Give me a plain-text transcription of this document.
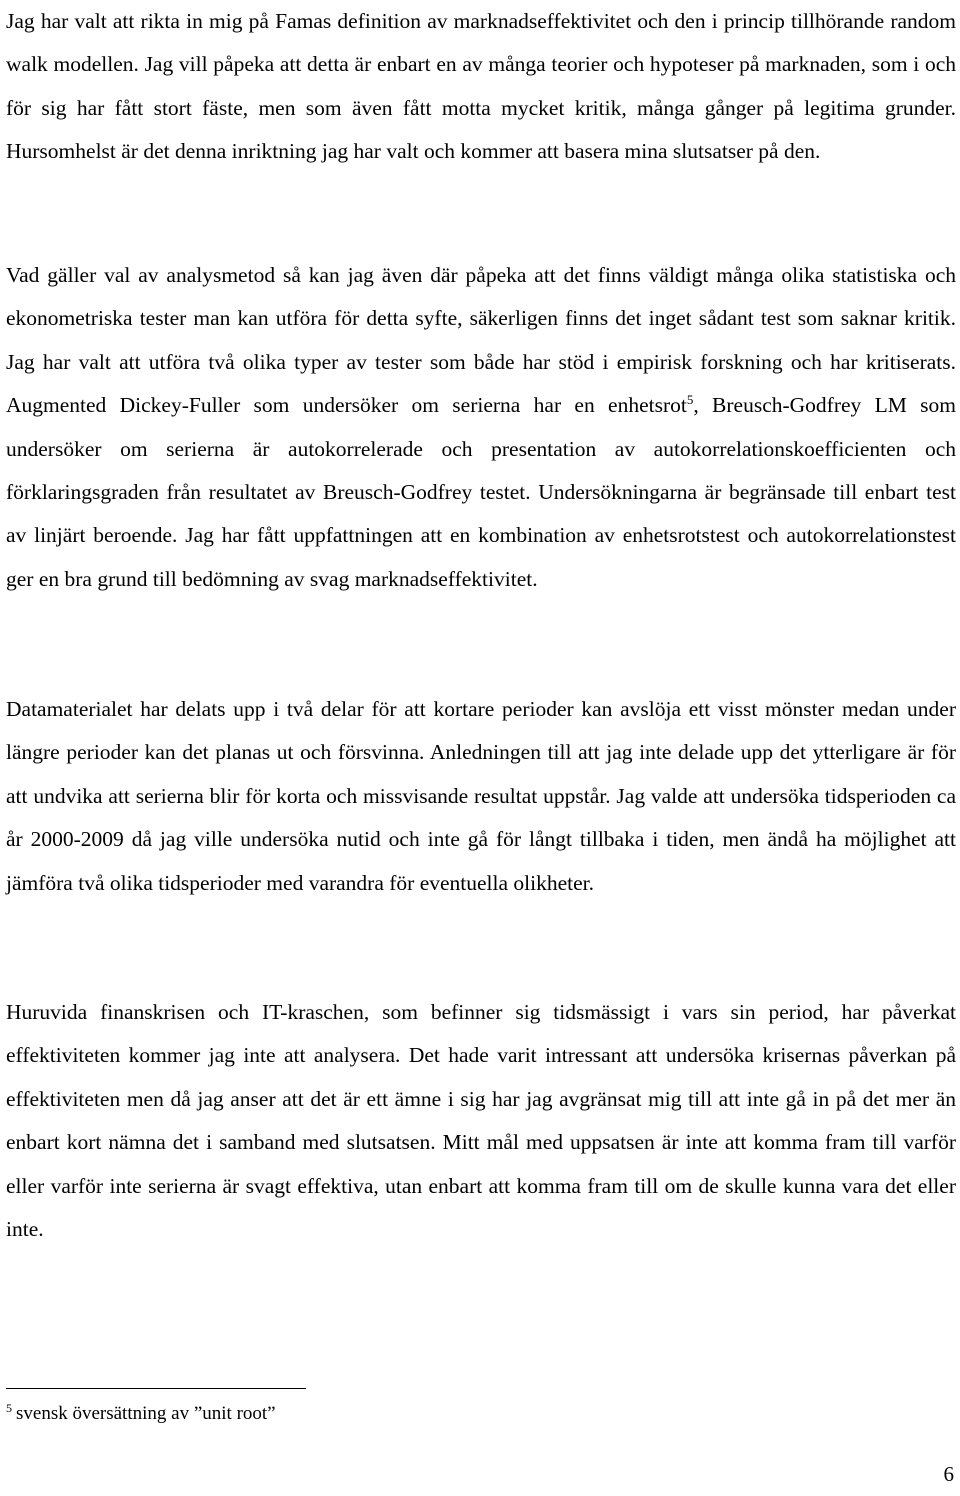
Jag har valt att rikta in mig på Famas definition av marknadseffektivitet och den i princip tillhörande random walk modellen. Jag vill påpeka att detta är enbart en av många teorier och hypoteser på marknaden, som i och för sig har fått stort fäste, men som även fått motta mycket kritik, många gånger på legitima grunder. Hursomhelst är det denna inriktning jag har valt och kommer att basera mina slutsatser på den.

Vad gäller val av analysmetod så kan jag även där påpeka att det finns väldigt många olika statistiska och ekonometriska tester man kan utföra för detta syfte, säkerligen finns det inget sådant test som saknar kritik. Jag har valt att utföra två olika typer av tester som både har stöd i empirisk forskning och har kritiserats. Augmented Dickey-Fuller som undersöker om serierna har en enhetsrot$^5$, Breusch-Godfrey LM som undersöker om serierna är autokorrelerade och presentation av autokorrelationskoefficienten och förklaringsgraden från resultatet av Breusch-Godfrey testet. Undersökningarna är begränsade till enbart test av linjärt beroende. Jag har fått uppfattningen att en kombination av enhetsrotstest och autokorrelationstest ger en bra grund till bedömning av svag marknadseffektivitet.

Datamaterialet har delats upp i två delar för att kortare perioder kan avslöja ett visst mönster medan under längre perioder kan det planas ut och försvinna. Anledningen till att jag inte delade upp det ytterligare är för att undvika att serierna blir för korta och missvisande resultat uppstår. Jag valde att undersöka tidsperioden ca år 2000-2009 då jag ville undersöka nutid och inte gå för långt tillbaka i tiden, men ändå ha möjlighet att jämföra två olika tidsperioder med varandra för eventuella olikheter.

Huruvida finanskrisen och IT-kraschen, som befinner sig tidsmässigt i vars sin period, har påverkat effektiviteten kommer jag inte att analysera. Det hade varit intressant att undersöka krisernas påverkan på effektiviteten men då jag anser att det är ett ämne i sig har jag avgränsat mig till att inte gå in på det mer än enbart kort nämna det i samband med slutsatsen. Mitt mål med uppsatsen är inte att komma fram till varför eller varför inte serierna är svagt effektiva, utan enbart att komma fram till om de skulle kunna vara det eller inte.

$^5$ svensk översättning av ”unit root”

6
